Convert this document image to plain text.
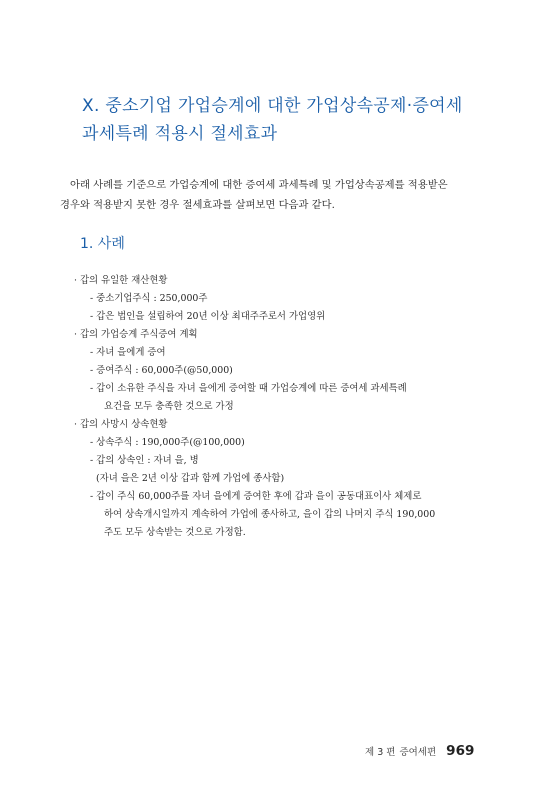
Ⅹ. 중소기업 가업승계에 대한 가업상속공제·증여세
과세특례 적용시 절세효과
아래 사례를 기준으로 가업승계에 대한 증여세 과세특례 및 가업상속공제를 적용받은
경우와 적용받지 못한 경우 절세효과를 살펴보면 다음과 같다.
1. 사례
· 갑의 유일한 재산현황
- 중소기업주식 : 250,000주
- 갑은 법인을 설립하여 20년 이상 최대주주로서 가업영위
· 갑의 가업승계 주식증여 계획
- 자녀 을에게 증여
- 증여주식 : 60,000주(@50,000)
- 갑이 소유한 주식을 자녀 을에게 증여할 때 가업승계에 따른 증여세 과세특례
요건을 모두 충족한 것으로 가정
· 갑의 사망시 상속현황
- 상속주식 : 190,000주(@100,000)
- 갑의 상속인 : 자녀 을, 병
(자녀 을은 2년 이상 갑과 함께 가업에 종사함)
- 갑이 주식 60,000주를 자녀 을에게 증여한 후에 갑과 을이 공동대표이사 체제로
하여 상속개시일까지 계속하여 가업에 종사하고, 을이 갑의 나머지 주식 190,000
주도 모두 상속받는 것으로 가정함.
제 3 편 증여세편 969
